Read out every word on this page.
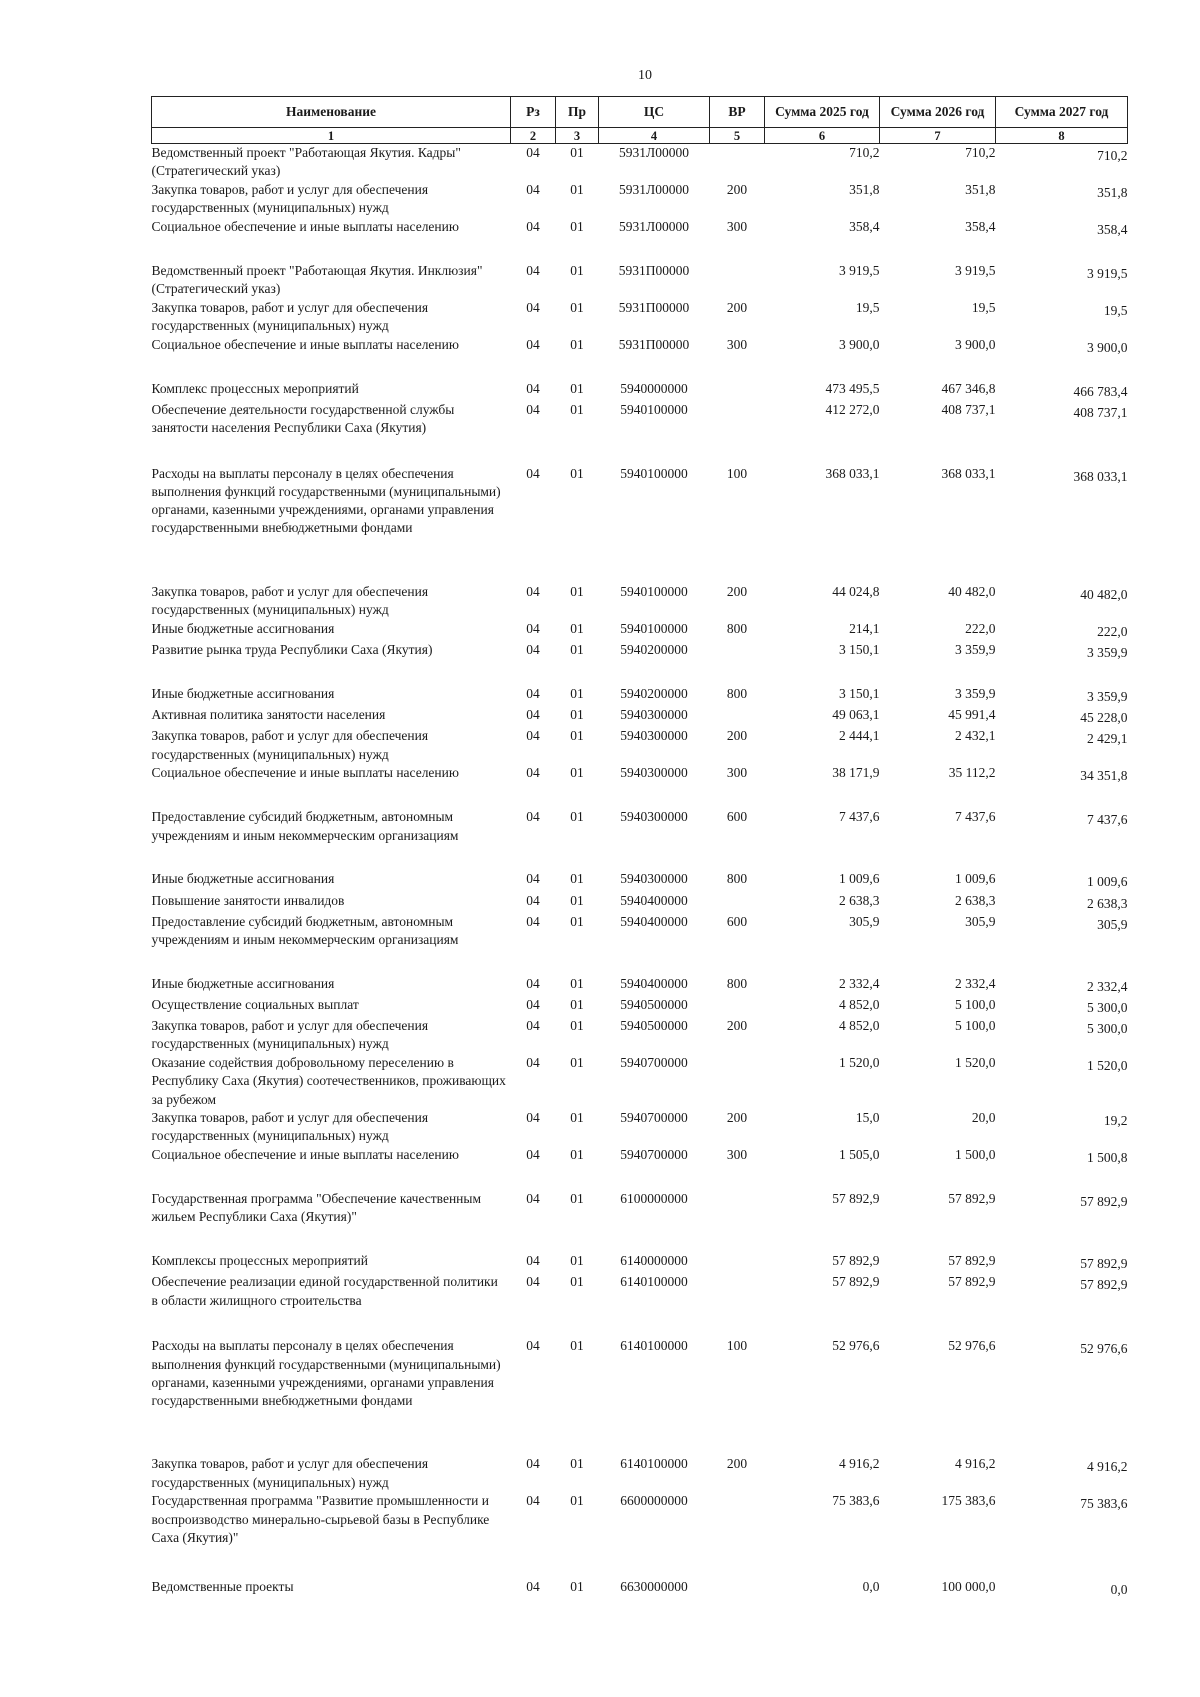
10
Наименование	Рз	Пр	ЦС	ВР	Сумма 2025 год	Сумма 2026 год	Сумма 2027 год
1	2	3	4	5	6	7	8
Ведомственный проект "Работающая Якутия. Кадры" (Стратегический указ)	04	01	5931Л00000		710,2	710,2	710,2
Закупка товаров, работ и услуг для обеспечения государственных (муниципальных) нужд	04	01	5931Л00000	200	351,8	351,8	351,8
Социальное обеспечение и иные выплаты населению	04	01	5931Л00000	300	358,4	358,4	358,4
Ведомственный проект "Работающая Якутия. Инклюзия" (Стратегический указ)	04	01	5931П00000		3 919,5	3 919,5	3 919,5
Закупка товаров, работ и услуг для обеспечения государственных (муниципальных) нужд	04	01	5931П00000	200	19,5	19,5	19,5
Социальное обеспечение и иные выплаты населению	04	01	5931П00000	300	3 900,0	3 900,0	3 900,0
Комплекс процессных мероприятий	04	01	5940000000		473 495,5	467 346,8	466 783,4
Обеспечение деятельности государственной службы занятости населения Республики Саха (Якутия)	04	01	5940100000		412 272,0	408 737,1	408 737,1
Расходы на выплаты персоналу в целях обеспечения выполнения функций государственными (муниципальными) органами, казенными учреждениями, органами управления государственными внебюджетными фондами	04	01	5940100000	100	368 033,1	368 033,1	368 033,1
Закупка товаров, работ и услуг для обеспечения государственных (муниципальных) нужд	04	01	5940100000	200	44 024,8	40 482,0	40 482,0
Иные бюджетные ассигнования	04	01	5940100000	800	214,1	222,0	222,0
Развитие рынка труда Республики Саха (Якутия)	04	01	5940200000		3 150,1	3 359,9	3 359,9
Иные бюджетные ассигнования	04	01	5940200000	800	3 150,1	3 359,9	3 359,9
Активная политика занятости населения	04	01	5940300000		49 063,1	45 991,4	45 228,0
Закупка товаров, работ и услуг для обеспечения государственных (муниципальных) нужд	04	01	5940300000	200	2 444,1	2 432,1	2 429,1
Социальное обеспечение и иные выплаты населению	04	01	5940300000	300	38 171,9	35 112,2	34 351,8
Предоставление субсидий бюджетным, автономным учреждениям и иным некоммерческим организациям	04	01	5940300000	600	7 437,6	7 437,6	7 437,6
Иные бюджетные ассигнования	04	01	5940300000	800	1 009,6	1 009,6	1 009,6
Повышение занятости инвалидов	04	01	5940400000		2 638,3	2 638,3	2 638,3
Предоставление субсидий бюджетным, автономным учреждениям и иным некоммерческим организациям	04	01	5940400000	600	305,9	305,9	305,9
Иные бюджетные ассигнования	04	01	5940400000	800	2 332,4	2 332,4	2 332,4
Осуществление социальных выплат	04	01	5940500000		4 852,0	5 100,0	5 300,0
Закупка товаров, работ и услуг для обеспечения государственных (муниципальных) нужд	04	01	5940500000	200	4 852,0	5 100,0	5 300,0
Оказание содействия добровольному переселению в Республику Саха (Якутия) соотечественников, проживающих за рубежом	04	01	5940700000		1 520,0	1 520,0	1 520,0
Закупка товаров, работ и услуг для обеспечения государственных (муниципальных) нужд	04	01	5940700000	200	15,0	20,0	19,2
Социальное обеспечение и иные выплаты населению	04	01	5940700000	300	1 505,0	1 500,0	1 500,8
Государственная программа "Обеспечение качественным жильем Республики Саха (Якутия)"	04	01	6100000000		57 892,9	57 892,9	57 892,9
Комплексы процессных мероприятий	04	01	6140000000		57 892,9	57 892,9	57 892,9
Обеспечение реализации единой государственной политики в области жилищного строительства	04	01	6140100000		57 892,9	57 892,9	57 892,9
Расходы на выплаты персоналу в целях обеспечения выполнения функций государственными (муниципальными) органами, казенными учреждениями, органами управления государственными внебюджетными фондами	04	01	6140100000	100	52 976,6	52 976,6	52 976,6
Закупка товаров, работ и услуг для обеспечения государственных (муниципальных) нужд	04	01	6140100000	200	4 916,2	4 916,2	4 916,2
Государственная программа "Развитие промышленности и воспроизводство минерально-сырьевой базы в Республике Саха (Якутия)"	04	01	6600000000		75 383,6	175 383,6	75 383,6
Ведомственные проекты	04	01	6630000000		0,0	100 000,0	0,0
